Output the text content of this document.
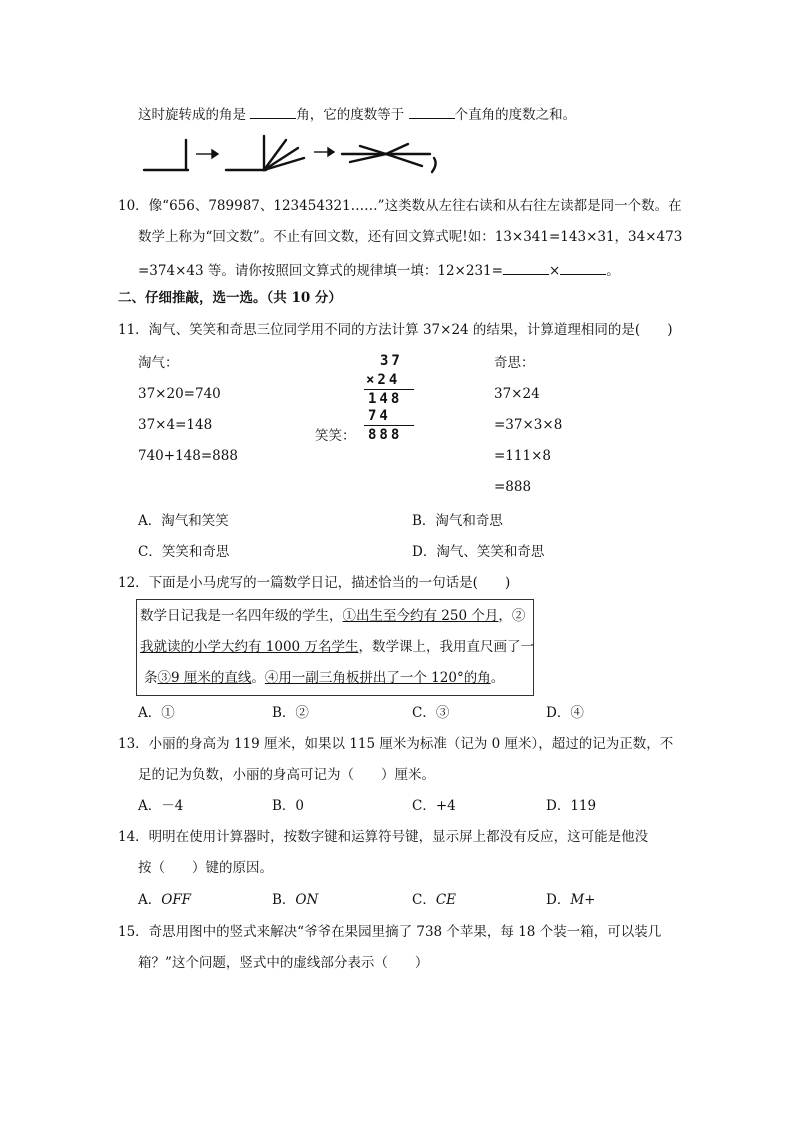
这时旋转成的角是	角，它的度数等于	个直角的度数之和。
10．像“656、789987、123454321……”这类数从左往右读和从右往左读都是同一个数。在
数学上称为“回文数”。不止有回文数，还有回文算式呢!如：13×341=143×31，34×473
=374×43 等。请你按照回文算式的规律填一填：12×231=	×	。
二、仔细推敲，选一选。（共 10 分）
11．淘气、笑笑和奇思三位同学用不同的方法计算 37×24 的结果，计算道理相同的是(　　)
淘气：
37×20=740
37×4=148
740+148=888
笑笑：
37
×24
148
74
888
奇思：
37×24
=37×3×8
=111×8
=888
A．淘气和笑笑	B．淘气和奇思
C．笑笑和奇思	D．淘气、笑笑和奇思
12．下面是小马虎写的一篇数学日记，描述恰当的一句话是(　　)
数学日记我是一名四年级的学生，①出生至今约有 250 个月，②
我就读的小学大约有 1000 万名学生，数学课上，我用直尺画了一
条③9 厘米的直线。④用一副三角板拼出了一个 120°的角。
A．①	B．②	C．③	D．④
13．小丽的身高为 119 厘米，如果以 115 厘米为标准（记为 0 厘米），超过的记为正数，不
足的记为负数，小丽的身高可记为（　　）厘米。
A．－4	B．0	C．+4	D．119
14．明明在使用计算器时，按数字键和运算符号键，显示屏上都没有反应，这可能是他没
按（　　）键的原因。
A．OFF	B．ON	C．CE	D．M+
15．奇思用图中的竖式来解决“爷爷在果园里摘了 738 个苹果，每 18 个装一箱，可以装几
箱？”这个问题，竖式中的虚线部分表示（　　）
